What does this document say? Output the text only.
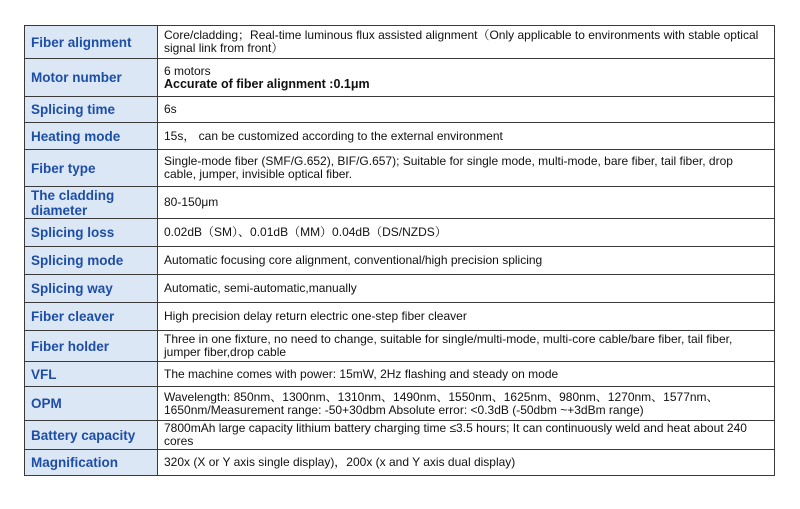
Fiber alignment	Core/cladding；Real-time luminous flux assisted alignment（Only applicable to environments with stable optical signal link from front）
Motor number	6 motors
Accurate of fiber alignment :0.1μm

Splicing time	6s
Heating mode	15s， can be customized according to the external environment
Fiber type	Single-mode fiber (SMF/G.652), BIF/G.657); Suitable for single mode, multi-mode, bare fiber, tail fiber, drop cable, jumper, invisible optical fiber.
The cladding diameter	80-150μm
Splicing loss	0.02dB（SM）、0.01dB（MM）0.04dB（DS/NZDS）
Splicing mode	Automatic focusing core alignment, conventional/high precision splicing
Splicing way	Automatic, semi-automatic,manually
Fiber cleaver	High precision delay return electric one-step fiber cleaver
Fiber holder	Three in one fixture, no need to change, suitable for single/multi-mode, multi-core cable/bare fiber, tail fiber, jumper fiber,drop cable
VFL	The machine comes with power: 15mW, 2Hz flashing and steady on mode
OPM	Wavelength: 850nm、1300nm、1310nm、1490nm、1550nm、1625nm、980nm、1270nm、1577nm、1650nm/Measurement range: -50+30dbm Absolute error: <0.3dB (-50dbm ~+3dBm range)
Battery capacity	7800mAh large capacity lithium battery charging time ≤3.5 hours; It can continuously weld and heat about 240 cores
Magnification	320x (X or Y axis single display)，200x (x and Y axis dual display)
